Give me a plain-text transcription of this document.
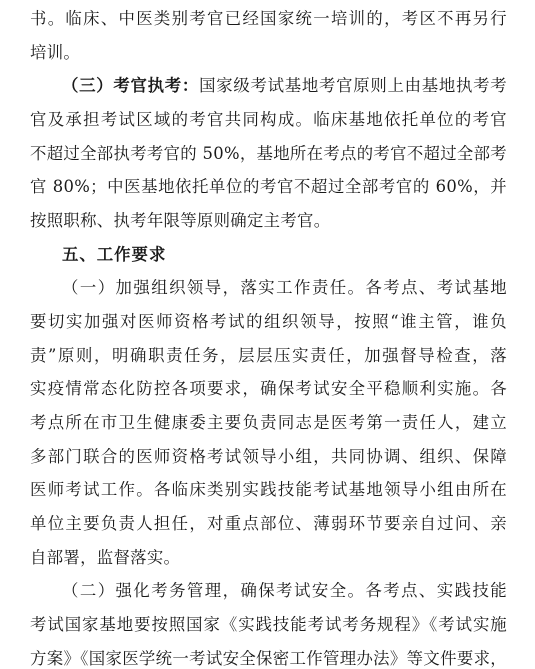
书。临床、中医类别考官已经国家统一培训的，考区不再另行
培训。
（三）考官执考：国家级考试基地考官原则上由基地执考考
官及承担考试区域的考官共同构成。临床基地依托单位的考官
不超过全部执考考官的 50%，基地所在考点的考官不超过全部考
官 80%；中医基地依托单位的考官不超过全部考官的 60%，并
按照职称、执考年限等原则确定主考官。
五、工作要求
（一）加强组织领导，落实工作责任。各考点、考试基地
要切实加强对医师资格考试的组织领导，按照“谁主管，谁负
责”原则，明确职责任务，层层压实责任，加强督导检查，落
实疫情常态化防控各项要求，确保考试安全平稳顺利实施。各
考点所在市卫生健康委主要负责同志是医考第一责任人，建立
多部门联合的医师资格考试领导小组，共同协调、组织、保障
医师考试工作。各临床类别实践技能考试基地领导小组由所在
单位主要负责人担任，对重点部位、薄弱环节要亲自过问、亲
自部署，监督落实。
（二）强化考务管理，确保考试安全。各考点、实践技能
考试国家基地要按照国家《实践技能考试考务规程》《考试实施
方案》《国家医学统一考试安全保密工作管理办法》等文件要求，
